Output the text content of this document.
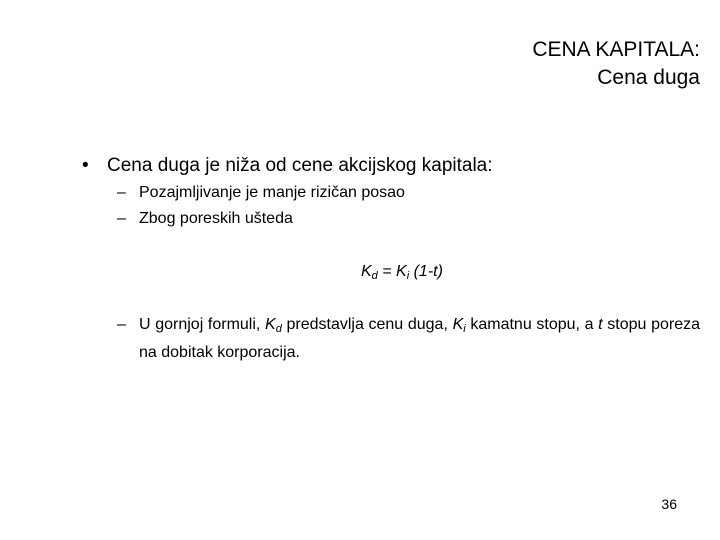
CENA KAPITALA:
Cena duga
• Cena duga je niža od cene akcijskog kapitala:
– Pozajmljivanje je manje rizičan posao
– Zbog poreskih ušteda
$K_d = K_i$ (1-t)
– U gornjoj formuli, $K_d$ predstavlja cenu duga, $K_i$ kamatnu stopu, a t stopu poreza na dobitak korporacija.
36
